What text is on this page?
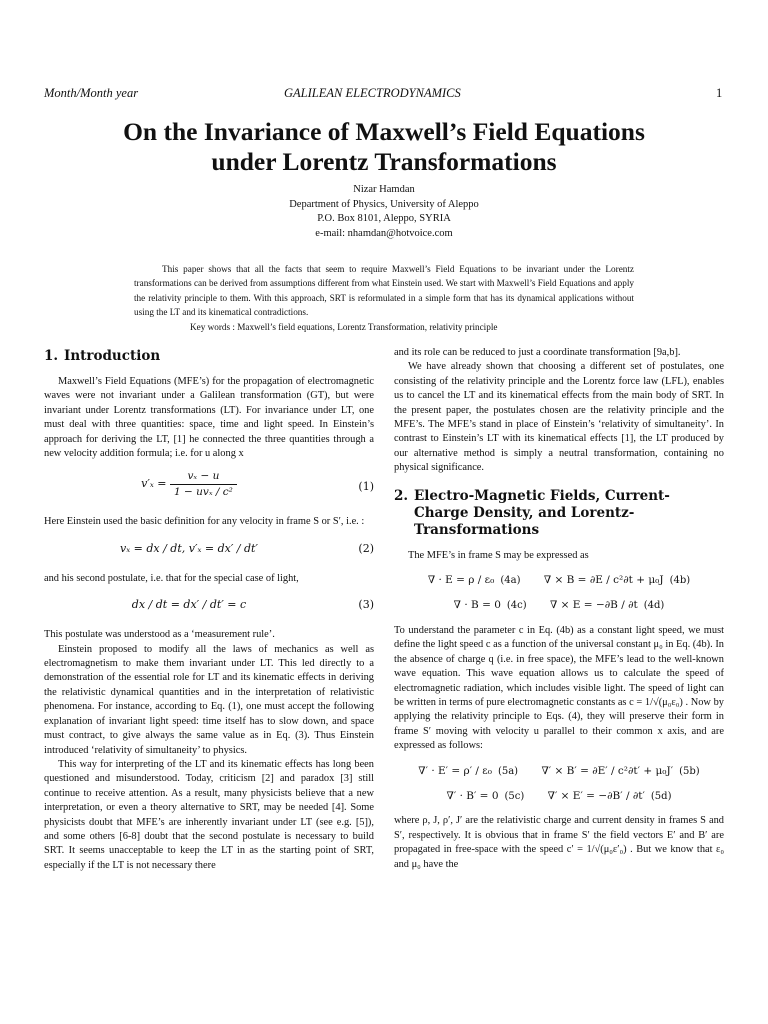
Month/Month year	GALILEAN ELECTRODYNAMICS	1
On the Invariance of Maxwell’s Field Equations
under Lorentz Transformations
Nizar Hamdan
Department of Physics, University of Aleppo
P.O. Box 8101, Aleppo, SYRIA
e-mail: nhamdan@hotvoice.com

This paper shows that all the facts that seem to require Maxwell’s Field Equations to be invariant under the Lorentz transformations can be derived from assumptions different from what Einstein used. We start with Maxwell’s Field Equations and apply the relativity principle to them. With this approach, SRT is reformulated in a simple form that has its dynamical applications without using the LT and its kinematical contradictions.

Key words : Maxwell’s field equations, Lorentz Transformation, relativity principle

1. Introduction

Maxwell’s Field Equations (MFE’s) for the propagation of electromagnetic waves were not invariant under a Galilean transformation (GT), but were invariant under Lorentz transformations (LT). For invariance under LT, one must deal with three quantities: space, time and light speed. In Einstein’s approach for deriving the LT, [1] he connected the three quantities through a new velocity addition formula; i.e. for u along x

$v'_x = \frac{\text{vₓ − u}}{\text{1 − uvₓ / c²}}$	(1)

Here Einstein used the basic definition for any velocity in frame S or S′, i.e. :

vₓ = dx / dt, v′ₓ = dx′ / dt′	(2)

and his second postulate, i.e. that for the special case of light,

dx / dt = dx′ / dt′ = c	(3)

This postulate was understood as a ‘measurement rule’.

Einstein proposed to modify all the laws of mechanics as well as electromagnetism to make them invariant under LT. This led directly to a demonstration of the essential role for LT and its kinematic effects in deriving the relativistic dynamical quantities and in the interpretation of relativistic phenomena. For instance, according to Eq. (1), one must accept the following explanation of invariant light speed: time itself has to slow down, and space must contract, to give always the same value as in Eq. (3). Thus Einstein introduced ‘relativity of simultaneity’ to physics.

This way for interpreting of the LT and its kinematic effects has long been questioned and misunderstood. Today, criticism [2] and paradox [3] still continue to receive attention. As a result, many physicists believe that a new interpretation, or even a theory alternative to SRT, may be needed [4]. Some physicists doubt that MFE’s are inherently invariant under LT (see e.g. [5]), and some others [6-8] doubt that the second postulate is necessary to build SRT. It seems unacceptable to keep the LT in as the starting point of SRT, especially if the LT is not necessary there

and its role can be reduced to just a coordinate transformation [9a,b].

We have already shown that choosing a different set of postulates, one consisting of the relativity principle and the Lorentz force law (LFL), enables us to cancel the LT and its kinematical effects from the main body of SRT. In the present paper, the postulates chosen are the relativity principle and the MFE’s. The MFE’s stand in place of Einstein’s ‘relativity of simultaneity’. In contrast to Einstein’s LT with its kinematical effects [1], the LT produced by our alternative method is simply a neutral transformation, containing no physical significance.

2. Electro-Magnetic Fields, Current-Charge Density, and Lorentz-Transformations

The MFE’s in frame S may be expressed as

∇ · E = ρ / ε₀ (4a) ∇ × B = ∂E / c²∂t + μ₀J (4b)
∇ · B = 0 (4c) ∇ × E = −∂B / ∂t (4d)

To understand the parameter c in Eq. (4b) as a constant light speed, we must define the light speed c as a function of the universal constant μ₀ in Eq. (4b). In the absence of charge q (i.e. in free space), the MFE’s lead to the well-known wave equation. This wave equation allows us to calculate the speed of electromagnetic radiation, which includes visible light. The speed of light can be written in terms of pure electromagnetic constants as c = 1/√(μ₀ε₀) . Now by applying the relativity principle to Eqs. (4), they will preserve their form in frame S′ moving with velocity u parallel to their common x axis, and are expressed as follows:

∇′ · E′ = ρ′ / ε₀ (5a) ∇′ × B′ = ∂E′ / c²∂t′ + μ₀J′ (5b)
∇′ · B′ = 0 (5c) ∇′ × E′ = −∂B′ / ∂t′ (5d)

where ρ, J, ρ′, J′ are the relativistic charge and current density in frames S and S′, respectively. It is obvious that in frame S′ the field vectors E′ and B′ are propagated in free-space with the speed c′ = 1/√(μ₀ε′₀) . But we know that ε₀ and μ₀ have the
